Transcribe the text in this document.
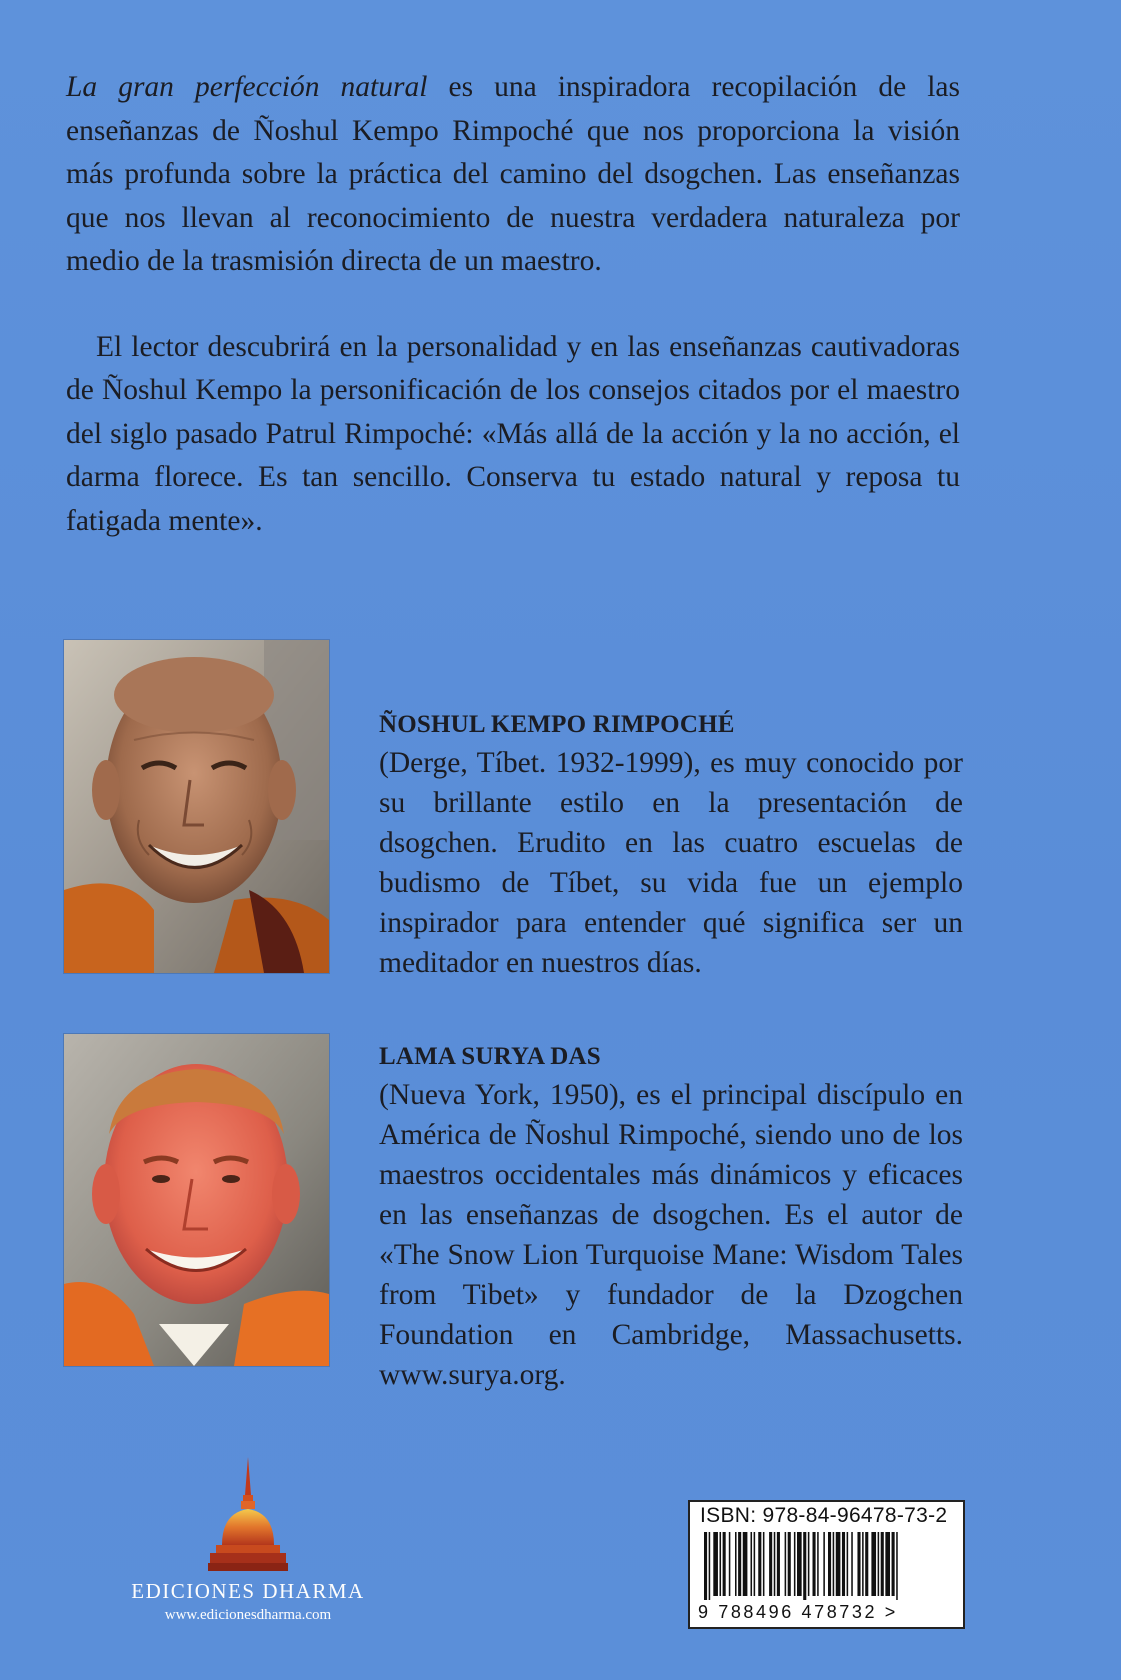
La gran perfección natural es una inspiradora recopilación de las enseñanzas de Ñoshul Kempo Rimpoché que nos proporciona la visión más profunda sobre la práctica del camino del dsogchen. Las enseñanzas que nos llevan al reconocimiento de nuestra verdadera naturaleza por medio de la trasmisión directa de un maestro.

El lector descubrirá en la personalidad y en las enseñanzas cautivadoras de Ñoshul Kempo la personificación de los consejos citados por el maestro del siglo pasado Patrul Rimpoché: «Más allá de la acción y la no acción, el darma florece. Es tan sencillo. Conserva tu estado natural y reposa tu fatigada mente».

ÑOSHUL KEMPO RIMPOCHÉ
(Derge, Tíbet. 1932-1999), es muy conocido por su brillante estilo en la presentación de dsogchen. Erudito en las cuatro escuelas de budismo de Tíbet, su vida fue un ejemplo inspirador para entender qué significa ser un meditador en nuestros días.
LAMA SURYA DAS
(Nueva York, 1950), es el principal discípulo en América de Ñoshul Rimpoché, siendo uno de los maestros occidentales más dinámicos y eficaces en las enseñanzas de dsogchen. Es el autor de «The Snow Lion Turquoise Mane: Wisdom Tales from Tibet» y fundador de la Dzogchen Foundation en Cambridge, Massachusetts. www.surya.org.
EDICIONES DHARMA
www.edicionesdharma.com
ISBN: 978-84-96478-73-2
9 788496 478732 >
